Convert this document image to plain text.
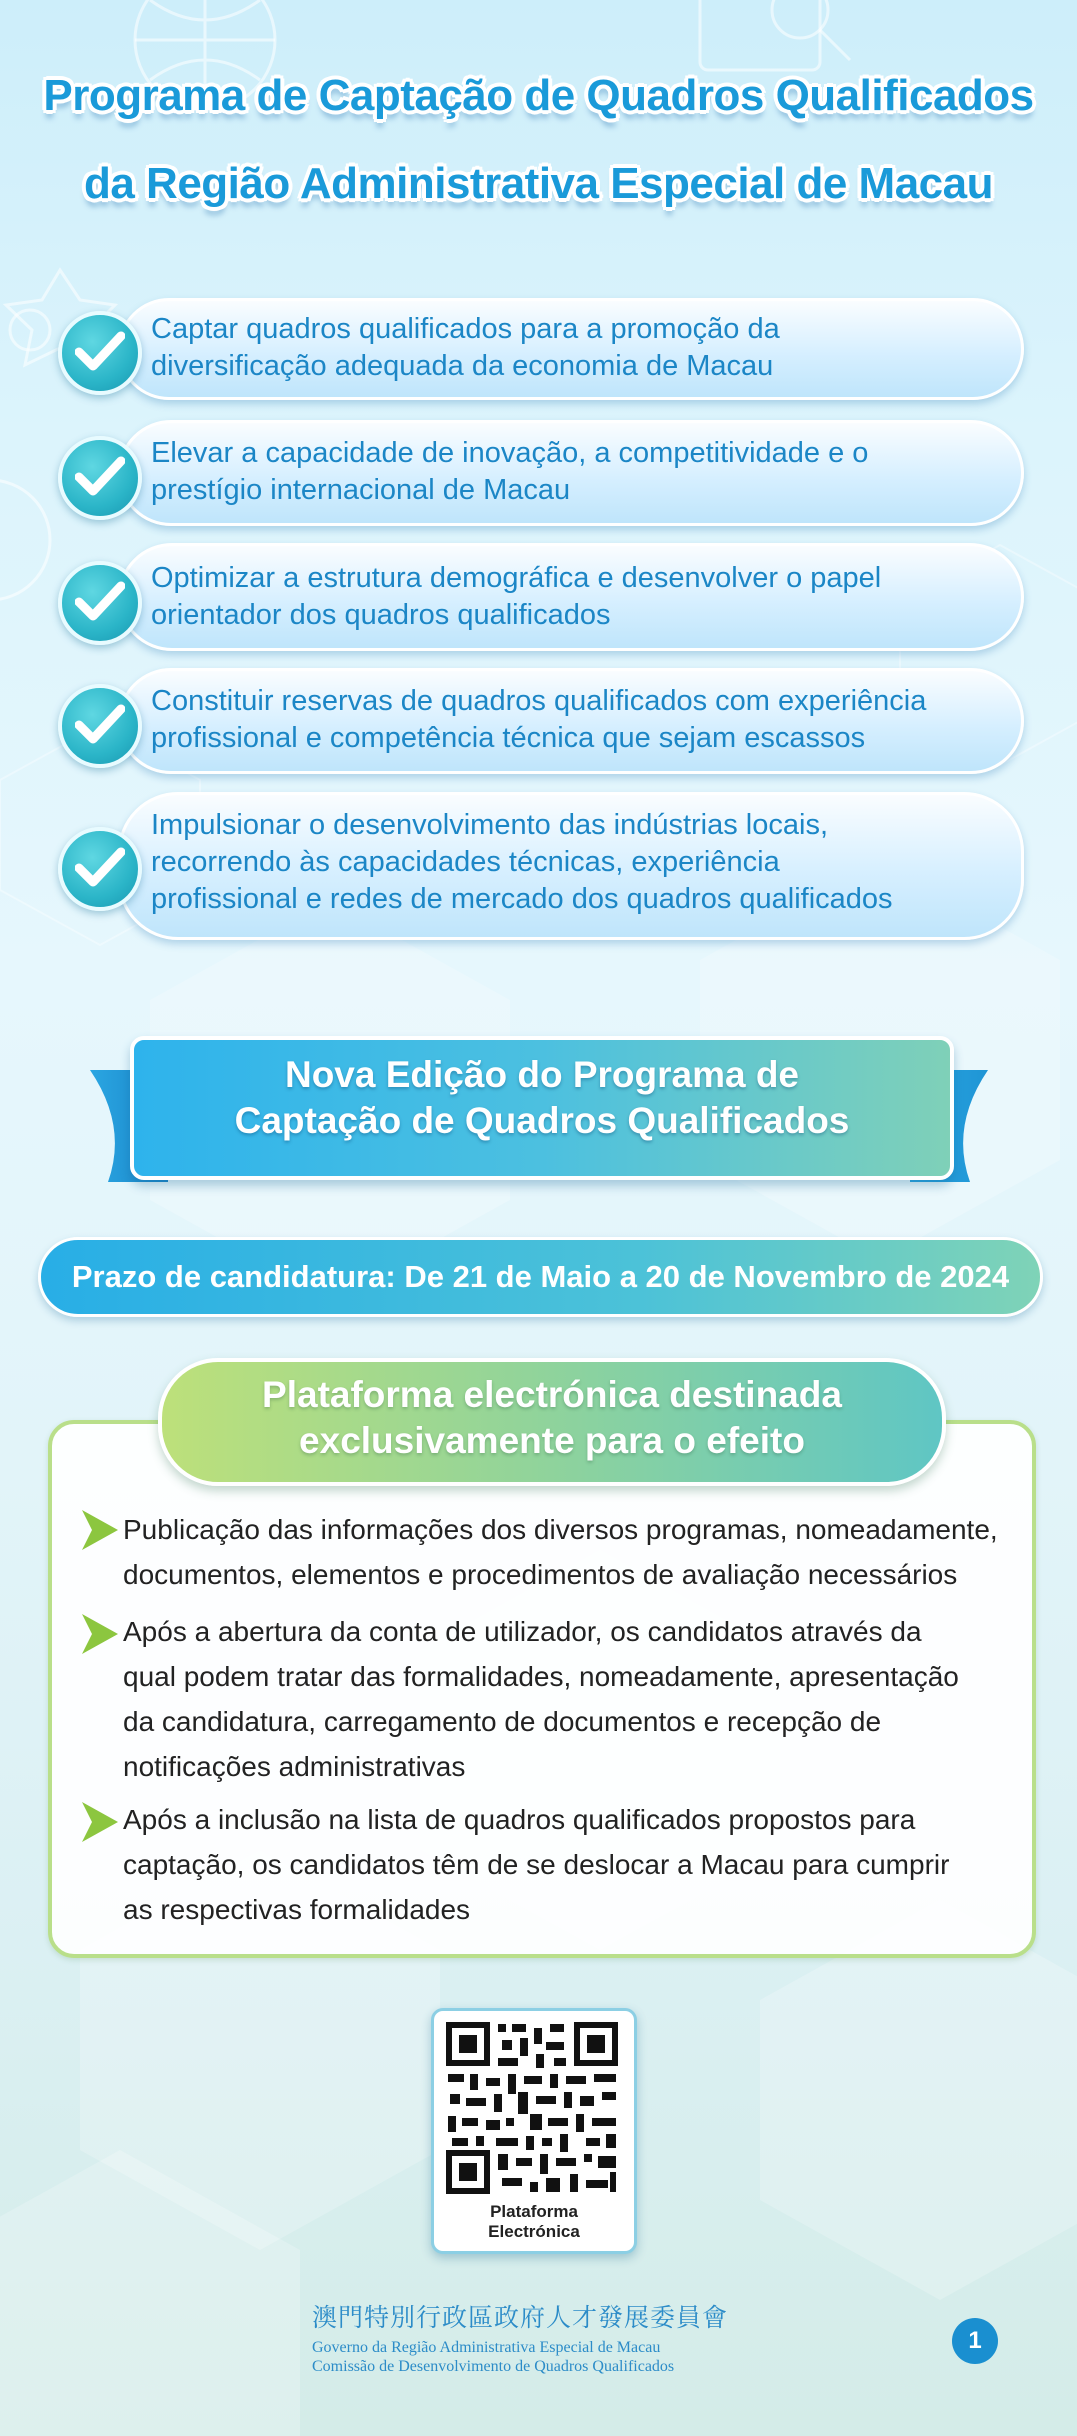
Programa de Captação de Quadros Qualificados
da Região Administrativa Especial de Macau
Captar quadros qualificados para a promoção da
diversificação adequada da economia de Macau
Elevar a capacidade de inovação, a competitividade e o
prestígio internacional de Macau
Optimizar a estrutura demográfica e desenvolver o papel
orientador dos quadros qualificados
Constituir reservas de quadros qualificados com experiência
profissional e competência técnica que sejam escassos
Impulsionar o desenvolvimento das indústrias locais,
recorrendo às capacidades técnicas, experiência
profissional e redes de mercado dos quadros qualificados
Nova Edição do Programa de
Captação de Quadros Qualificados
Prazo de candidatura: De 21 de Maio a 20 de Novembro de 2024
Plataforma electrónica destinada
exclusivamente para o efeito
Publicação das informações dos diversos programas, nomeadamente,
documentos, elementos e procedimentos de avaliação necessários
Após a abertura da conta de utilizador, os candidatos através da
qual podem tratar das formalidades, nomeadamente, apresentação
da candidatura, carregamento de documentos e recepção de
notificações administrativas
Após a inclusão na lista de quadros qualificados propostos para
captação, os candidatos têm de se deslocar a Macau para cumprir
as respectivas formalidades
Plataforma
Electrónica
澳門特別行政區政府人才發展委員會
Governo da Região Administrativa Especial de Macau
Comissão de Desenvolvimento de Quadros Qualificados
1
